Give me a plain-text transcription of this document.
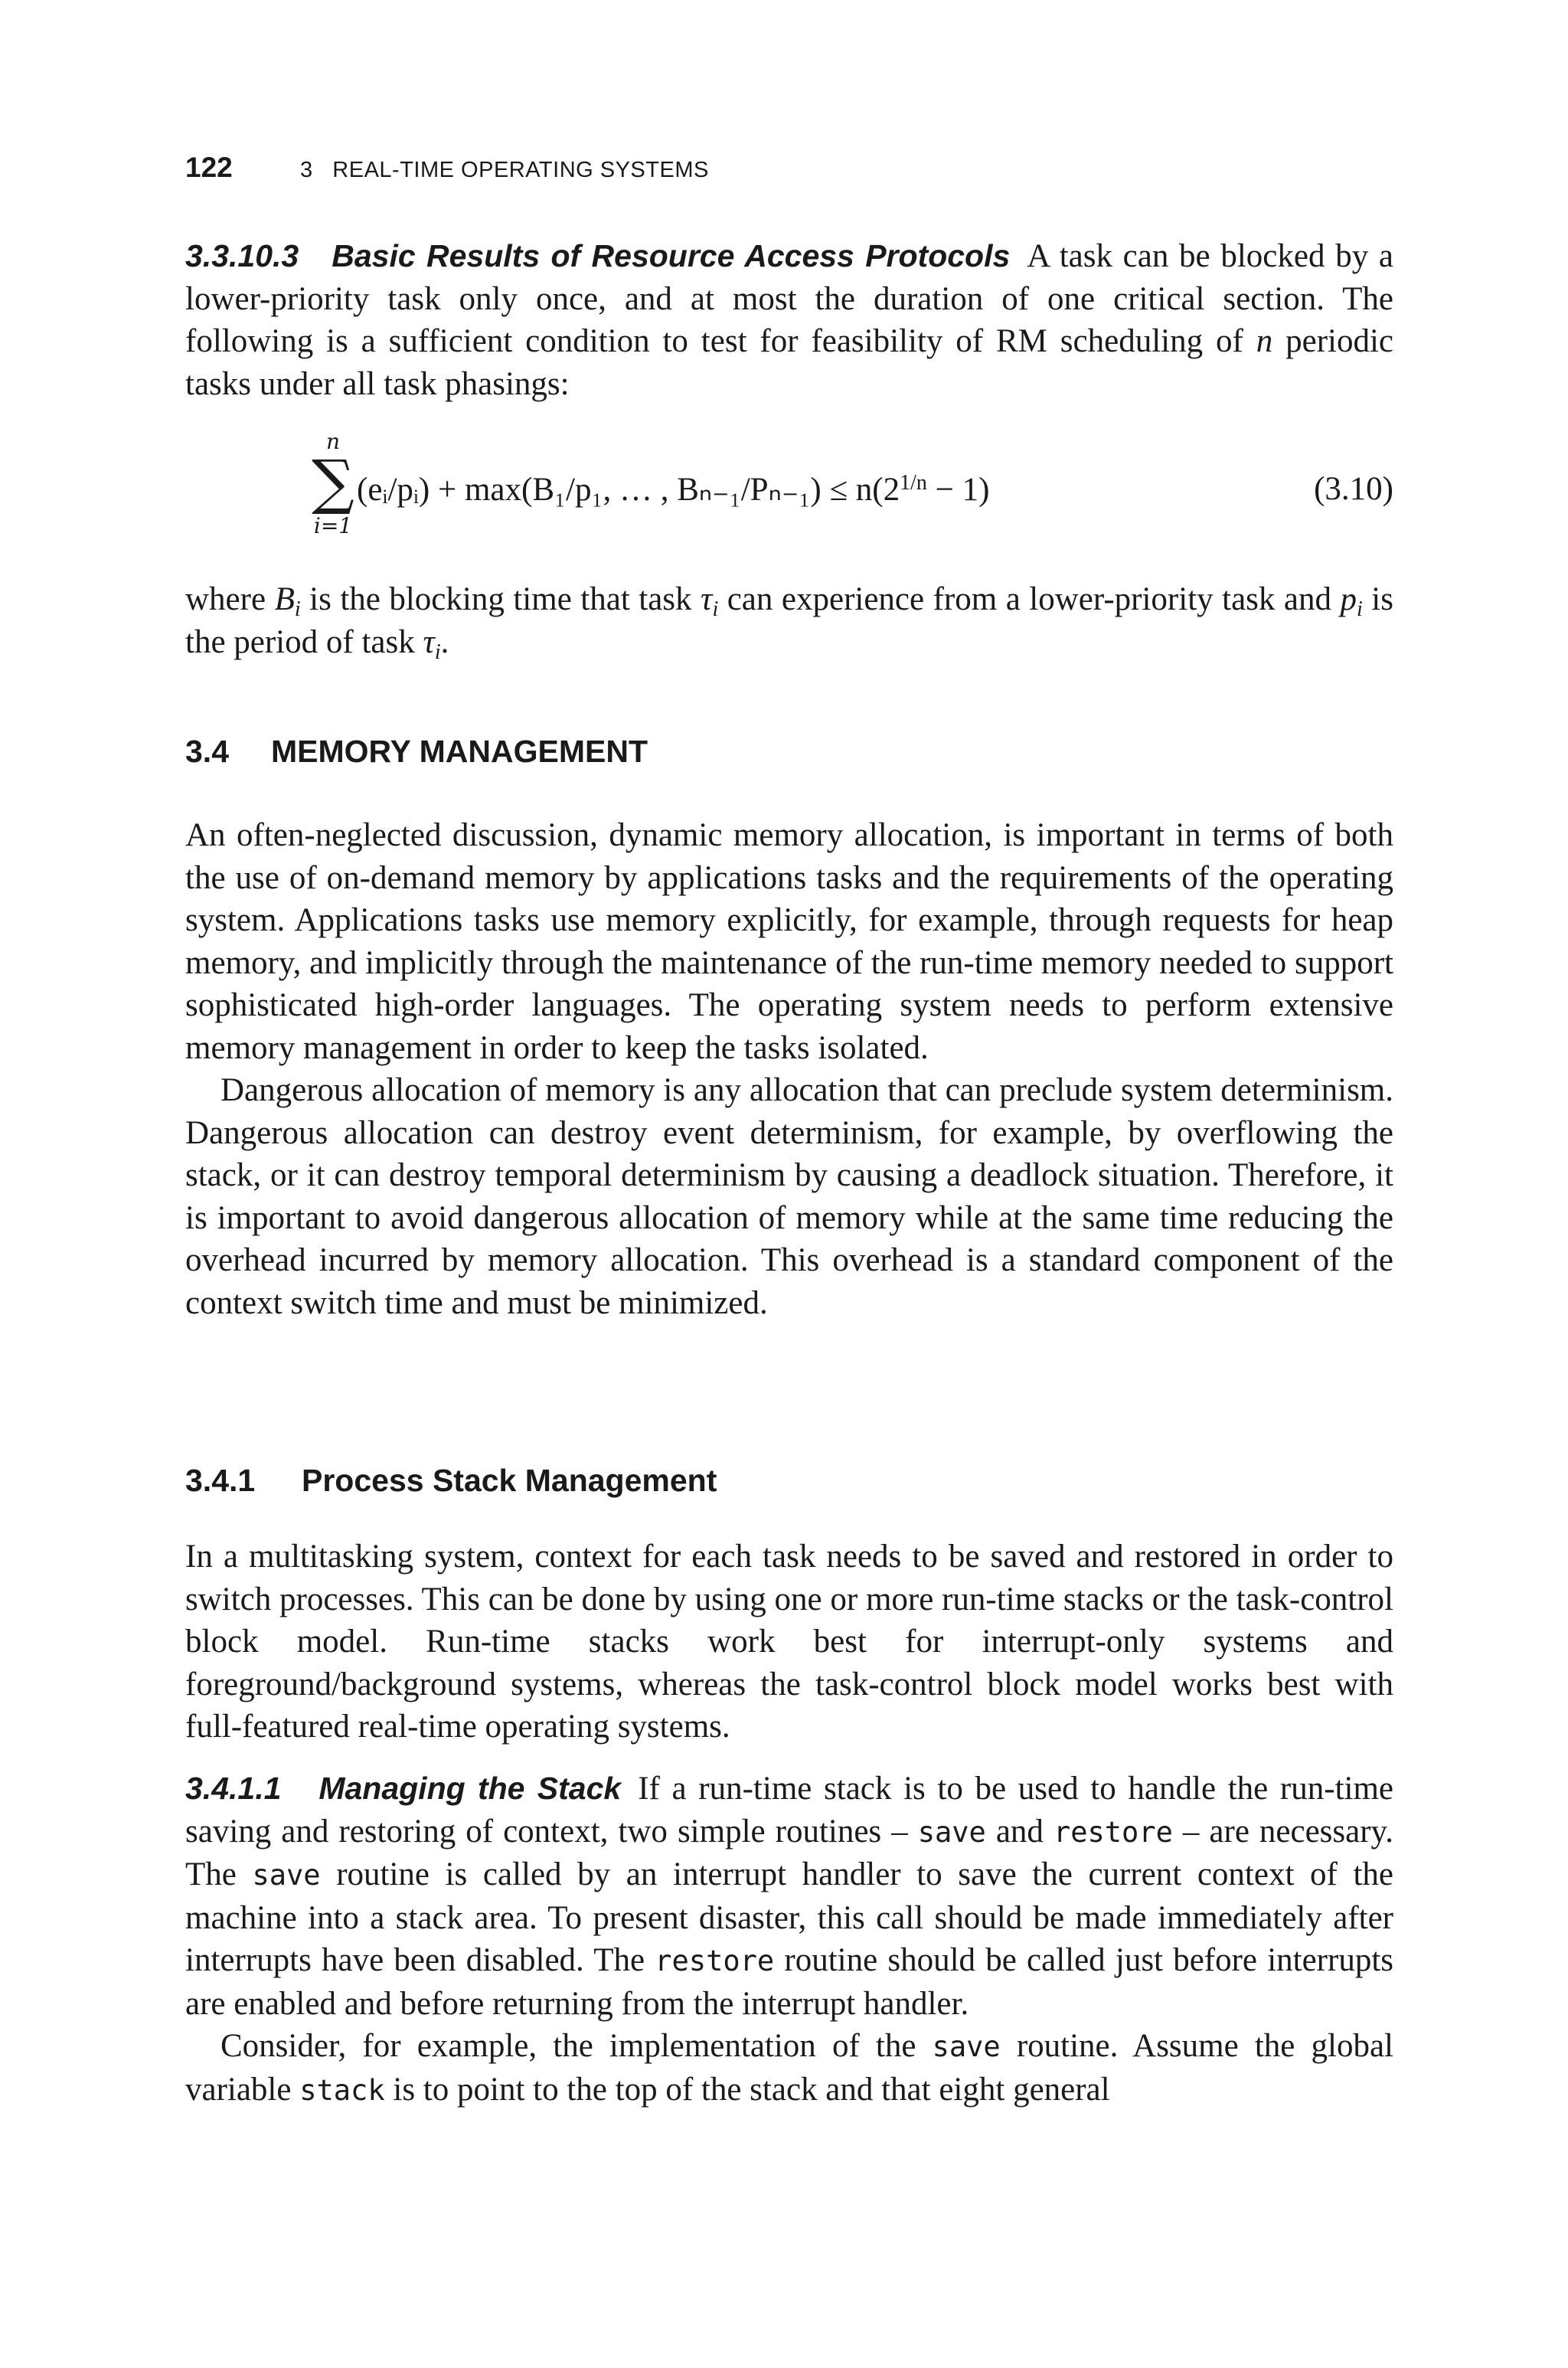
122	3   REAL-TIME OPERATING SYSTEMS

3.3.10.3   Basic Results of Resource Access Protocols A task can be blocked by a lower-priority task only once, and at most the duration of one critical section. The following is a sufficient condition to test for feasibility of RM scheduling of n periodic tasks under all task phasings:

n
∑
i=1
(eᵢ/pᵢ) + max(B₁/p₁, … , $B_{n-1}/P_{n-1}) \le n(2^{1/n} - 1)$	(3.10)

where $B_i$ is the blocking time that task $\tau_i$ can experience from a lower-priority task and $p_i$ is the period of task $\tau_i$.

3.4 MEMORY MANAGEMENT

An often-neglected discussion, dynamic memory allocation, is important in terms of both the use of on-demand memory by applications tasks and the requirements of the operating system. Applications tasks use memory explicitly, for example, through requests for heap memory, and implicitly through the maintenance of the run-time memory needed to support sophisticated high-order languages. The operating system needs to perform extensive memory management in order to keep the tasks isolated.

Dangerous allocation of memory is any allocation that can preclude system determinism. Dangerous allocation can destroy event determinism, for example, by overflowing the stack, or it can destroy temporal determinism by causing a deadlock situation. Therefore, it is important to avoid dangerous allocation of memory while at the same time reducing the overhead incurred by memory allocation. This overhead is a standard component of the context switch time and must be minimized.

3.4.1 Process Stack Management

In a multitasking system, context for each task needs to be saved and restored in order to switch processes. This can be done by using one or more run-time stacks or the task-control block model. Run-time stacks work best for interrupt-only systems and foreground/background systems, whereas the task-control block model works best with full-featured real-time operating systems.

3.4.1.1   Managing the Stack If a run-time stack is to be used to handle the run-time saving and restoring of context, two simple routines – save and restore – are necessary. The save routine is called by an interrupt handler to save the current context of the machine into a stack area. To present disaster, this call should be made immediately after interrupts have been disabled. The restore routine should be called just before interrupts are enabled and before returning from the interrupt handler.

Consider, for example, the implementation of the save routine. Assume the global variable stack is to point to the top of the stack and that eight general
